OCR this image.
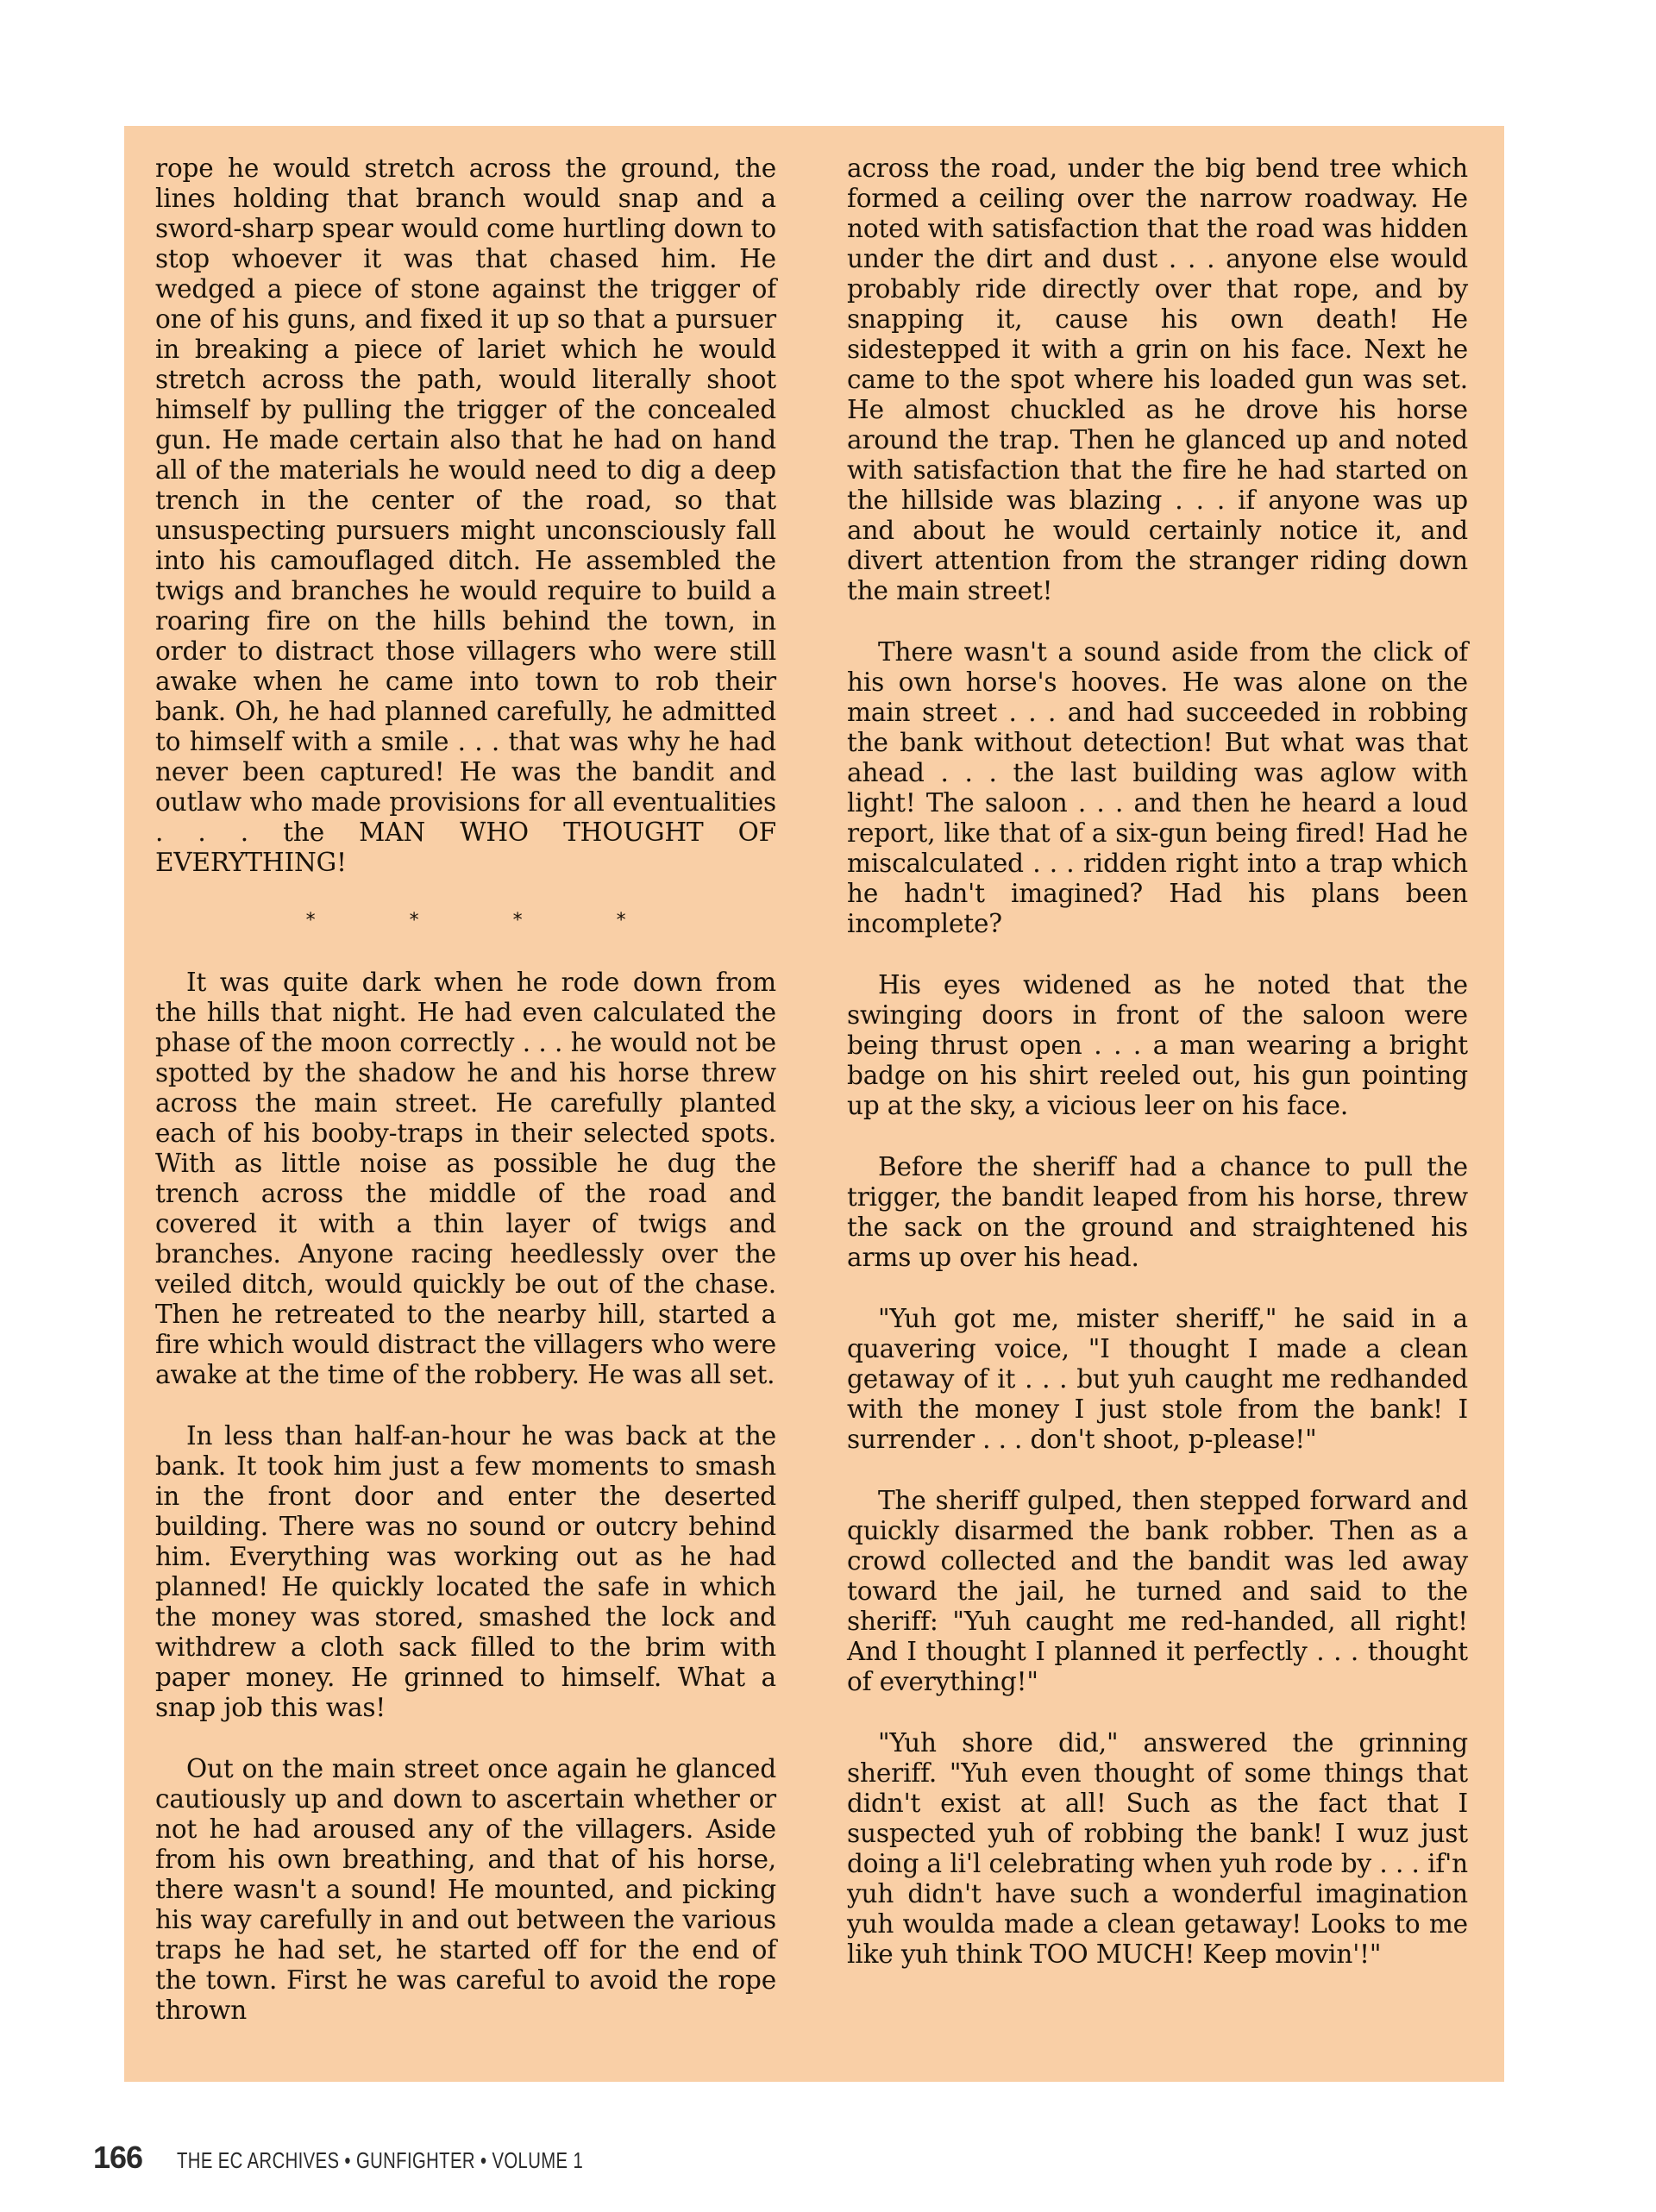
rope he would stretch across the ground, the lines holding that branch would snap and a sword-sharp spear would come hurtling down to stop whoever it was that chased him. He wedged a piece of stone against the trigger of one of his guns, and fixed it up so that a pursuer in breaking a piece of lariet which he would stretch across the path, would literally shoot himself by pulling the trigger of the concealed gun. He made certain also that he had on hand all of the materials he would need to dig a deep trench in the center of the road, so that unsuspecting pursuers might unconsciously fall into his camouflaged ditch. He assembled the twigs and branches he would require to build a roaring fire on the hills behind the town, in order to distract those villagers who were still awake when he came into town to rob their bank. Oh, he had planned carefully, he admitted to himself with a smile . . . that was why he had never been captured! He was the bandit and outlaw who made provisions for all eventualities . . . the MAN WHO THOUGHT OF EVERYTHING!

*	*	*	*

It was quite dark when he rode down from the hills that night. He had even calculated the phase of the moon correctly . . . he would not be spotted by the shadow he and his horse threw across the main street. He carefully planted each of his booby-traps in their selected spots. With as little noise as possible he dug the trench across the middle of the road and covered it with a thin layer of twigs and branches. Anyone racing heedlessly over the veiled ditch, would quickly be out of the chase. Then he retreated to the nearby hill, started a fire which would distract the villagers who were awake at the time of the robbery. He was all set.

In less than half-an-hour he was back at the bank. It took him just a few moments to smash in the front door and enter the deserted building. There was no sound or outcry behind him. Everything was working out as he had planned! He quickly located the safe in which the money was stored, smashed the lock and withdrew a cloth sack filled to the brim with paper money. He grinned to himself. What a snap job this was!

Out on the main street once again he glanced cautiously up and down to ascertain whether or not he had aroused any of the villagers. Aside from his own breathing, and that of his horse, there wasn't a sound! He mounted, and picking his way carefully in and out between the various traps he had set, he started off for the end of the town. First he was careful to avoid the rope thrown

across the road, under the big bend tree which formed a ceiling over the narrow roadway. He noted with satisfaction that the road was hidden under the dirt and dust . . . anyone else would probably ride directly over that rope, and by snapping it, cause his own death! He sidestepped it with a grin on his face. Next he came to the spot where his loaded gun was set. He almost chuckled as he drove his horse around the trap. Then he glanced up and noted with satisfaction that the fire he had started on the hillside was blazing . . . if anyone was up and about he would certainly notice it, and divert attention from the stranger riding down the main street!

There wasn't a sound aside from the click of his own horse's hooves. He was alone on the main street . . . and had succeeded in robbing the bank without detection! But what was that ahead . . . the last building was aglow with light! The saloon . . . and then he heard a loud report, like that of a six-gun being fired! Had he miscalculated . . . ridden right into a trap which he hadn't imagined? Had his plans been incomplete?

His eyes widened as he noted that the swinging doors in front of the saloon were being thrust open . . . a man wearing a bright badge on his shirt reeled out, his gun pointing up at the sky, a vicious leer on his face.

Before the sheriff had a chance to pull the trigger, the bandit leaped from his horse, threw the sack on the ground and straightened his arms up over his head.

"Yuh got me, mister sheriff," he said in a quavering voice, "I thought I made a clean getaway of it . . . but yuh caught me redhanded with the money I just stole from the bank! I surrender . . . don't shoot, p-please!"

The sheriff gulped, then stepped forward and quickly disarmed the bank robber. Then as a crowd collected and the bandit was led away toward the jail, he turned and said to the sheriff: "Yuh caught me red-handed, all right! And I thought I planned it perfectly . . . thought of everything!"

"Yuh shore did," answered the grinning sheriff. "Yuh even thought of some things that didn't exist at all! Such as the fact that I suspected yuh of robbing the bank! I wuz just doing a li'l celebrating when yuh rode by . . . if'n yuh didn't have such a wonderful imagination yuh woulda made a clean getaway! Looks to me like yuh think TOO MUCH! Keep movin'!"

166 THE EC ARCHIVES • GUNFIGHTER • VOLUME 1
